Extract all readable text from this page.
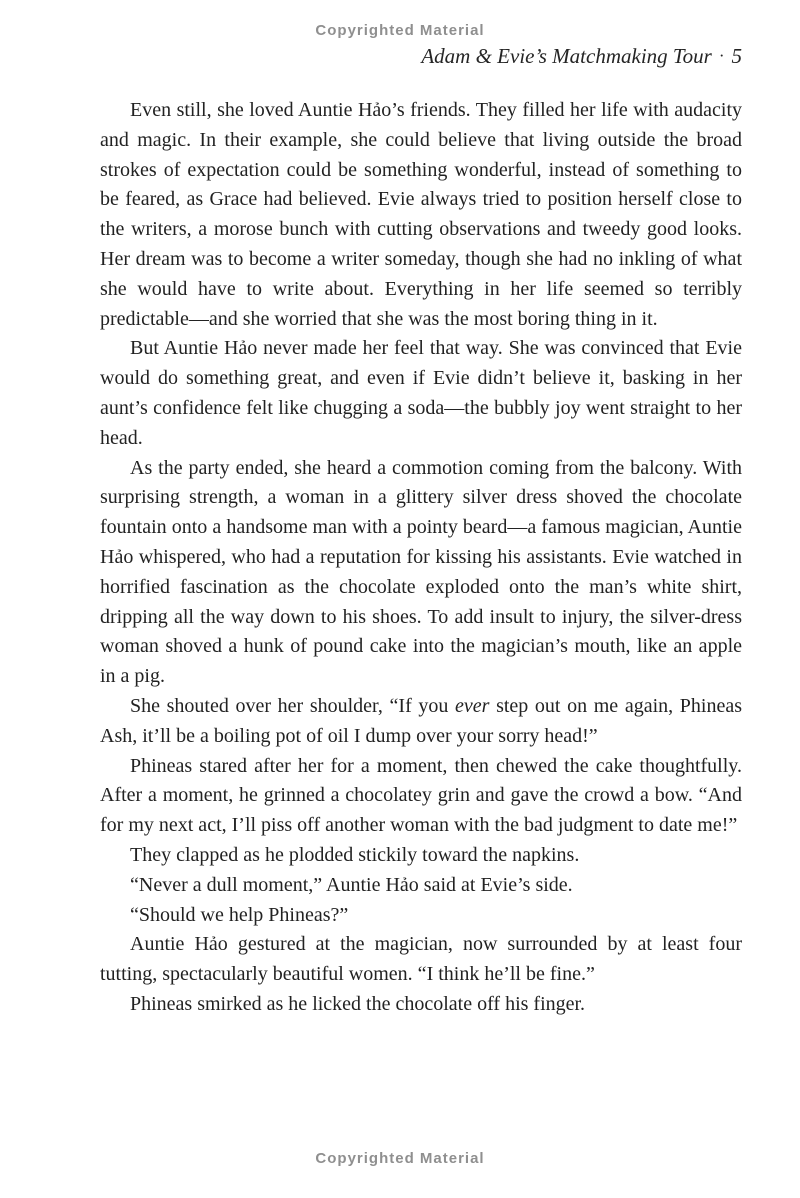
Copyrighted Material
Adam & Evie’s Matchmaking Tour · 5

Even still, she loved Auntie Hảo’s friends. They filled her life with audacity and magic. In their example, she could believe that living outside the broad strokes of expectation could be something wonderful, instead of something to be feared, as Grace had believed. Evie always tried to position herself close to the writers, a morose bunch with cutting observations and tweedy good looks. Her dream was to become a writer someday, though she had no inkling of what she would have to write about. Everything in her life seemed so terribly predictable—and she worried that she was the most boring thing in it.

But Auntie Hảo never made her feel that way. She was convinced that Evie would do something great, and even if Evie didn’t believe it, basking in her aunt’s confidence felt like chugging a soda—the bubbly joy went straight to her head.

As the party ended, she heard a commotion coming from the balcony. With surprising strength, a woman in a glittery silver dress shoved the chocolate fountain onto a handsome man with a pointy beard—a famous magician, Auntie Hảo whispered, who had a reputation for kissing his assistants. Evie watched in horrified fascination as the chocolate exploded onto the man’s white shirt, dripping all the way down to his shoes. To add insult to injury, the silver-dress woman shoved a hunk of pound cake into the magician’s mouth, like an apple in a pig.

She shouted over her shoulder, “If you ever step out on me again, Phineas Ash, it’ll be a boiling pot of oil I dump over your sorry head!”

Phineas stared after her for a moment, then chewed the cake thoughtfully. After a moment, he grinned a chocolatey grin and gave the crowd a bow. “And for my next act, I’ll piss off another woman with the bad judgment to date me!”

They clapped as he plodded stickily toward the napkins.

“Never a dull moment,” Auntie Hảo said at Evie’s side.

“Should we help Phineas?”

Auntie Hảo gestured at the magician, now surrounded by at least four tutting, spectacularly beautiful women. “I think he’ll be fine.”

Phineas smirked as he licked the chocolate off his finger.

Copyrighted Material
